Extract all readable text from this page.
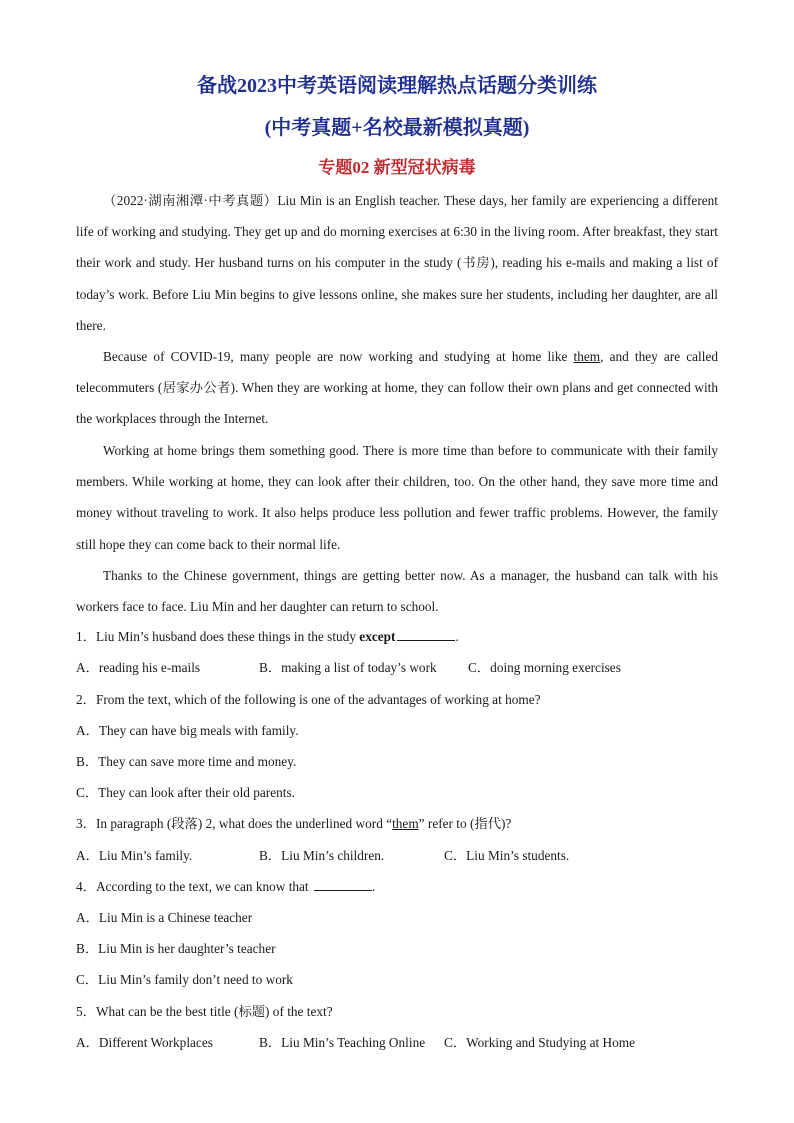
备战2023中考英语阅读理解热点话题分类训练
(中考真题+名校最新模拟真题)
专题02 新型冠状病毒

（2022·湖南湘潭·中考真题）Liu Min is an English teacher. These days, her family are experiencing a different life of working and studying. They get up and do morning exercises at 6:30 in the living room. After breakfast, they start their work and study. Her husband turns on his computer in the study (书房), reading his e-mails and making a list of today’s work. Before Liu Min begins to give lessons online, she makes sure her students, including her daughter, are all there.

Because of COVID-19, many people are now working and studying at home like them, and they are called telecommuters (居家办公者). When they are working at home, they can follow their own plans and get connected with the workplaces through the Internet.

Working at home brings them something good. There is more time than before to communicate with their family members. While working at home, they can look after their children, too. On the other hand, they save more time and money without traveling to work. It also helps produce less pollution and fewer traffic problems. However, the family still hope they can come back to their normal life.

Thanks to the Chinese government, things are getting better now. As a manager, the husband can talk with his workers face to face. Liu Min and her daughter can return to school.

1．Liu Min’s husband does these things in the study except	.
A．reading his e-mails	B．making a list of today’s work C．doing morning exercises
2．From the text, which of the following is one of the advantages of working at home?
A．They can have big meals with family.
B．They can save more time and money.
C．They can look after their old parents.
3．In paragraph (段落) 2, what does the underlined word “them” refer to (指代)?
A．Liu Min’s family.	B．Liu Min’s children.	C．Liu Min’s students.
4．According to the text, we can know that	.
A．Liu Min is a Chinese teacher
B．Liu Min is her daughter’s teacher
C．Liu Min’s family don’t need to work
5．What can be the best title (标题) of the text?
A．Different Workplaces	B．Liu Min’s Teaching Online C．Working and Studying at Home
